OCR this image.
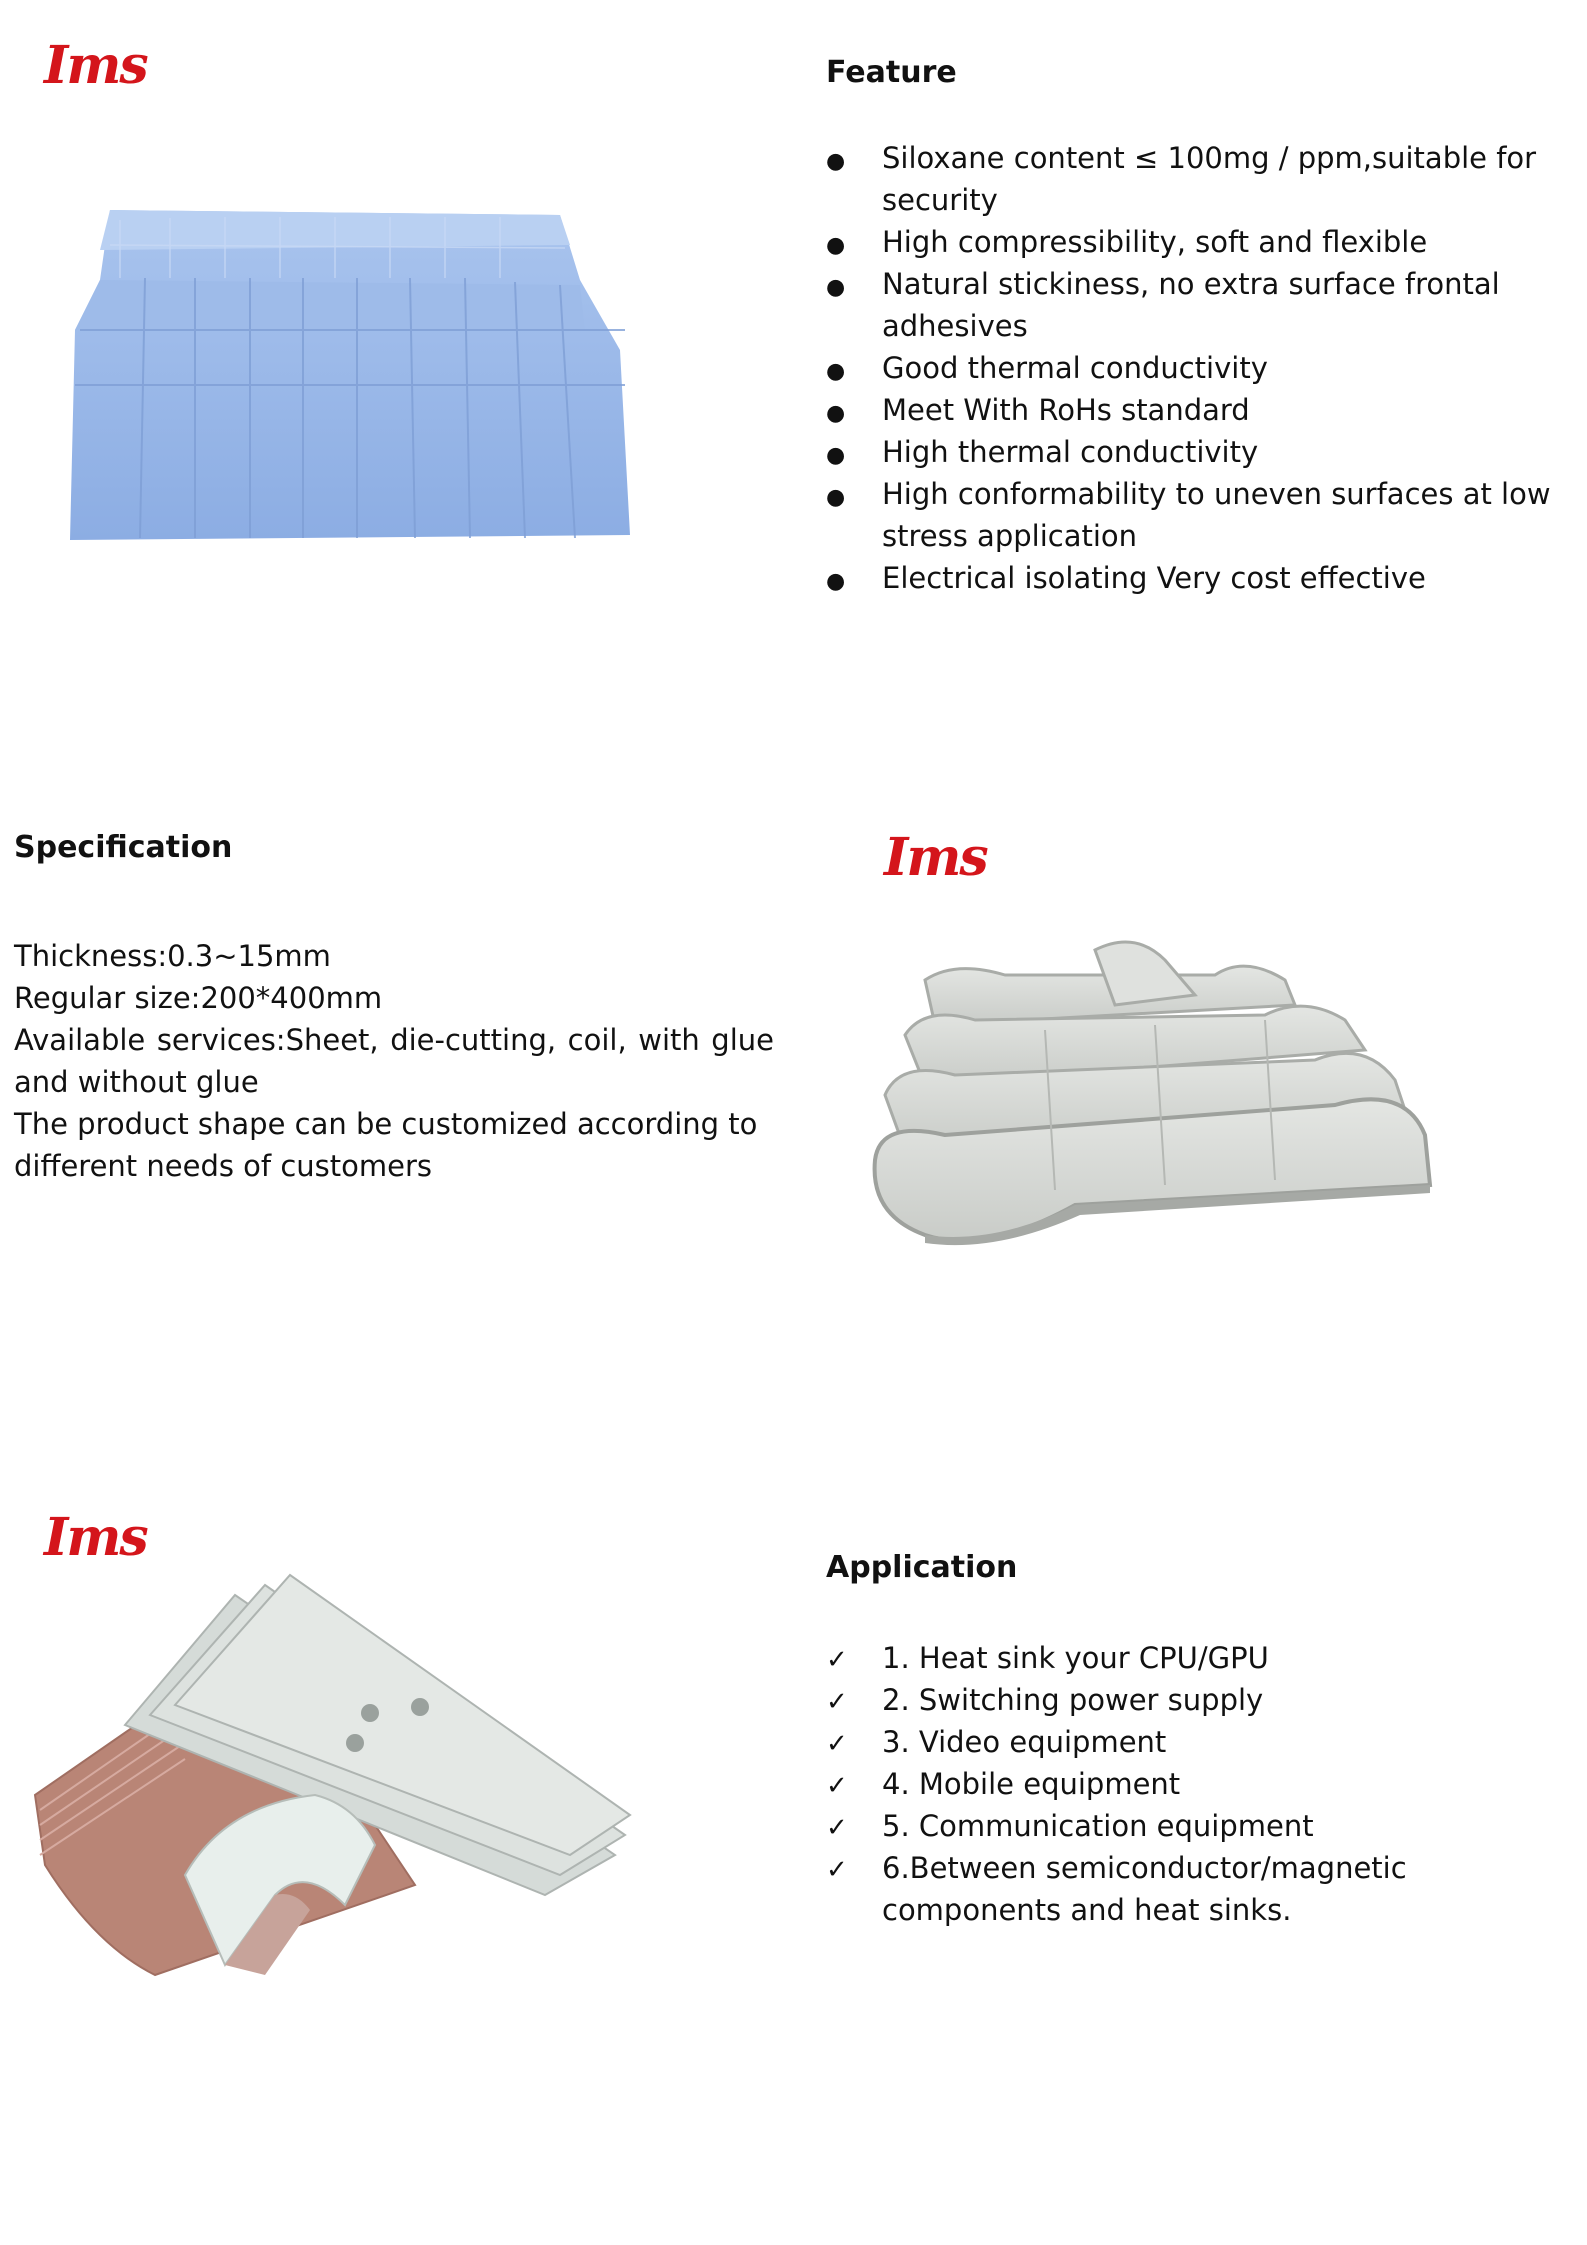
Ims	Feature
●
Siloxane content ≤ 100mg / ppm,suitable for security
●
High compressibility, soft and flexible
●
Natural stickiness, no extra surface frontal adhesives
●
Good thermal conductivity
●
Meet With RoHs standard
●
High thermal conductivity
●
High conformability to uneven surfaces at low stress application
●
Electrical isolating Very cost effective
Specification

Thickness:0.3~15mm

Regular size:200*400mm

Available services:Sheet, die-cutting, coil, with glue and without glue

The product shape can be customized according to different needs of customers

Ims
Ims	Application
✓
1. Heat sink your CPU/GPU
✓
2. Switching power supply
✓
3. Video equipment
✓
4. Mobile equipment
✓
5. Communication equipment
✓
6.Between semiconductor/magnetic components and heat sinks.
